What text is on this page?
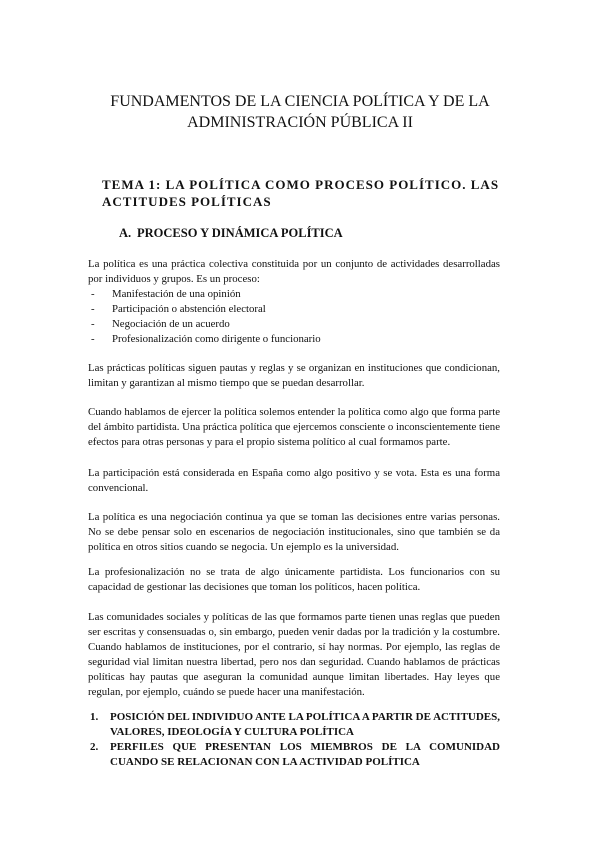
FUNDAMENTOS DE LA CIENCIA POLÍTICA Y DE LA
ADMINISTRACIÓN PÚBLICA II
TEMA 1: LA POLÍTICA COMO PROCESO POLÍTICO. LAS ACTITUDES POLÍTICAS
A. PROCESO Y DINÁMICA POLÍTICA

La política es una práctica colectiva constituida por un conjunto de actividades desarrolladas por individuos y grupos. Es un proceso:

- Manifestación de una opinión
- Participación o abstención electoral
- Negociación de un acuerdo
- Profesionalización como dirigente o funcionario

Las prácticas políticas siguen pautas y reglas y se organizan en instituciones que condicionan, limitan y garantizan al mismo tiempo que se puedan desarrollar.

Cuando hablamos de ejercer la política solemos entender la política como algo que forma parte del ámbito partidista. Una práctica política que ejercemos consciente o inconscientemente tiene efectos para otras personas y para el propio sistema político al cual formamos parte.

La participación está considerada en España como algo positivo y se vota. Esta es una forma convencional.

La política es una negociación continua ya que se toman las decisiones entre varias personas. No se debe pensar solo en escenarios de negociación institucionales, sino que también se da política en otros sitios cuando se negocia. Un ejemplo es la universidad.

La profesionalización no se trata de algo únicamente partidista. Los funcionarios con su capacidad de gestionar las decisiones que toman los políticos, hacen política.

Las comunidades sociales y políticas de las que formamos parte tienen unas reglas que pueden ser escritas y consensuadas o, sin embargo, pueden venir dadas por la tradición y la costumbre. Cuando hablamos de instituciones, por el contrario, sí hay normas. Por ejemplo, las reglas de seguridad vial limitan nuestra libertad, pero nos dan seguridad. Cuando hablamos de prácticas políticas hay pautas que aseguran la comunidad aunque limitan libertades. Hay leyes que regulan, por ejemplo, cuándo se puede hacer una manifestación.

1. POSICIÓN DEL INDIVIDUO ANTE LA POLÍTICA A PARTIR DE ACTITUDES, VALORES, IDEOLOGÍA Y CULTURA POLÍTICA
2. PERFILES QUE PRESENTAN LOS MIEMBROS DE LA COMUNIDAD CUANDO SE RELACIONAN CON LA ACTIVIDAD POLÍTICA
